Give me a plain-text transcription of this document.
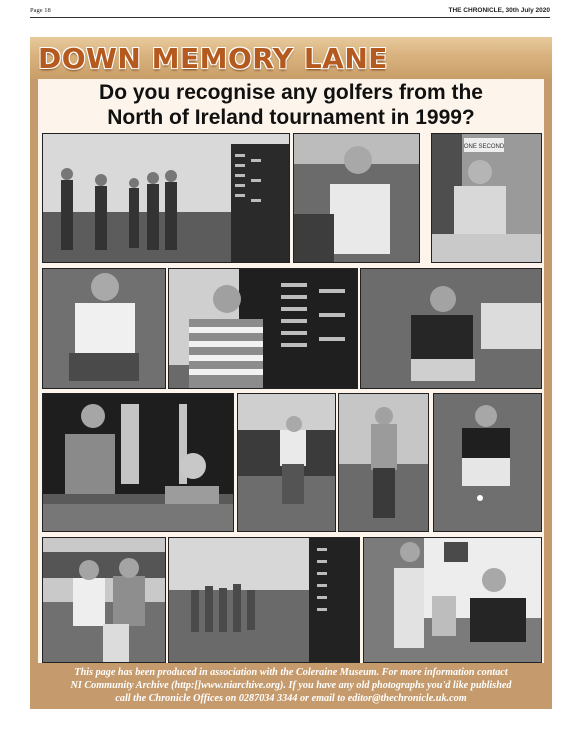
Page 18	THE CHRONICLE, 30th July 2020
DOWN MEMORY LANE
Do you recognise any golfers from the
North of Ireland tournament in 1999?
ONE SECOND

This page has been produced in association with the Coleraine Museum. For more information contact
NI Community Archive (http:[]www.niarchive.org). If you have any old photographs you'd like published
call the Chronicle Offices on 0287034 3344 or email to editor@thechronicle.uk.com
